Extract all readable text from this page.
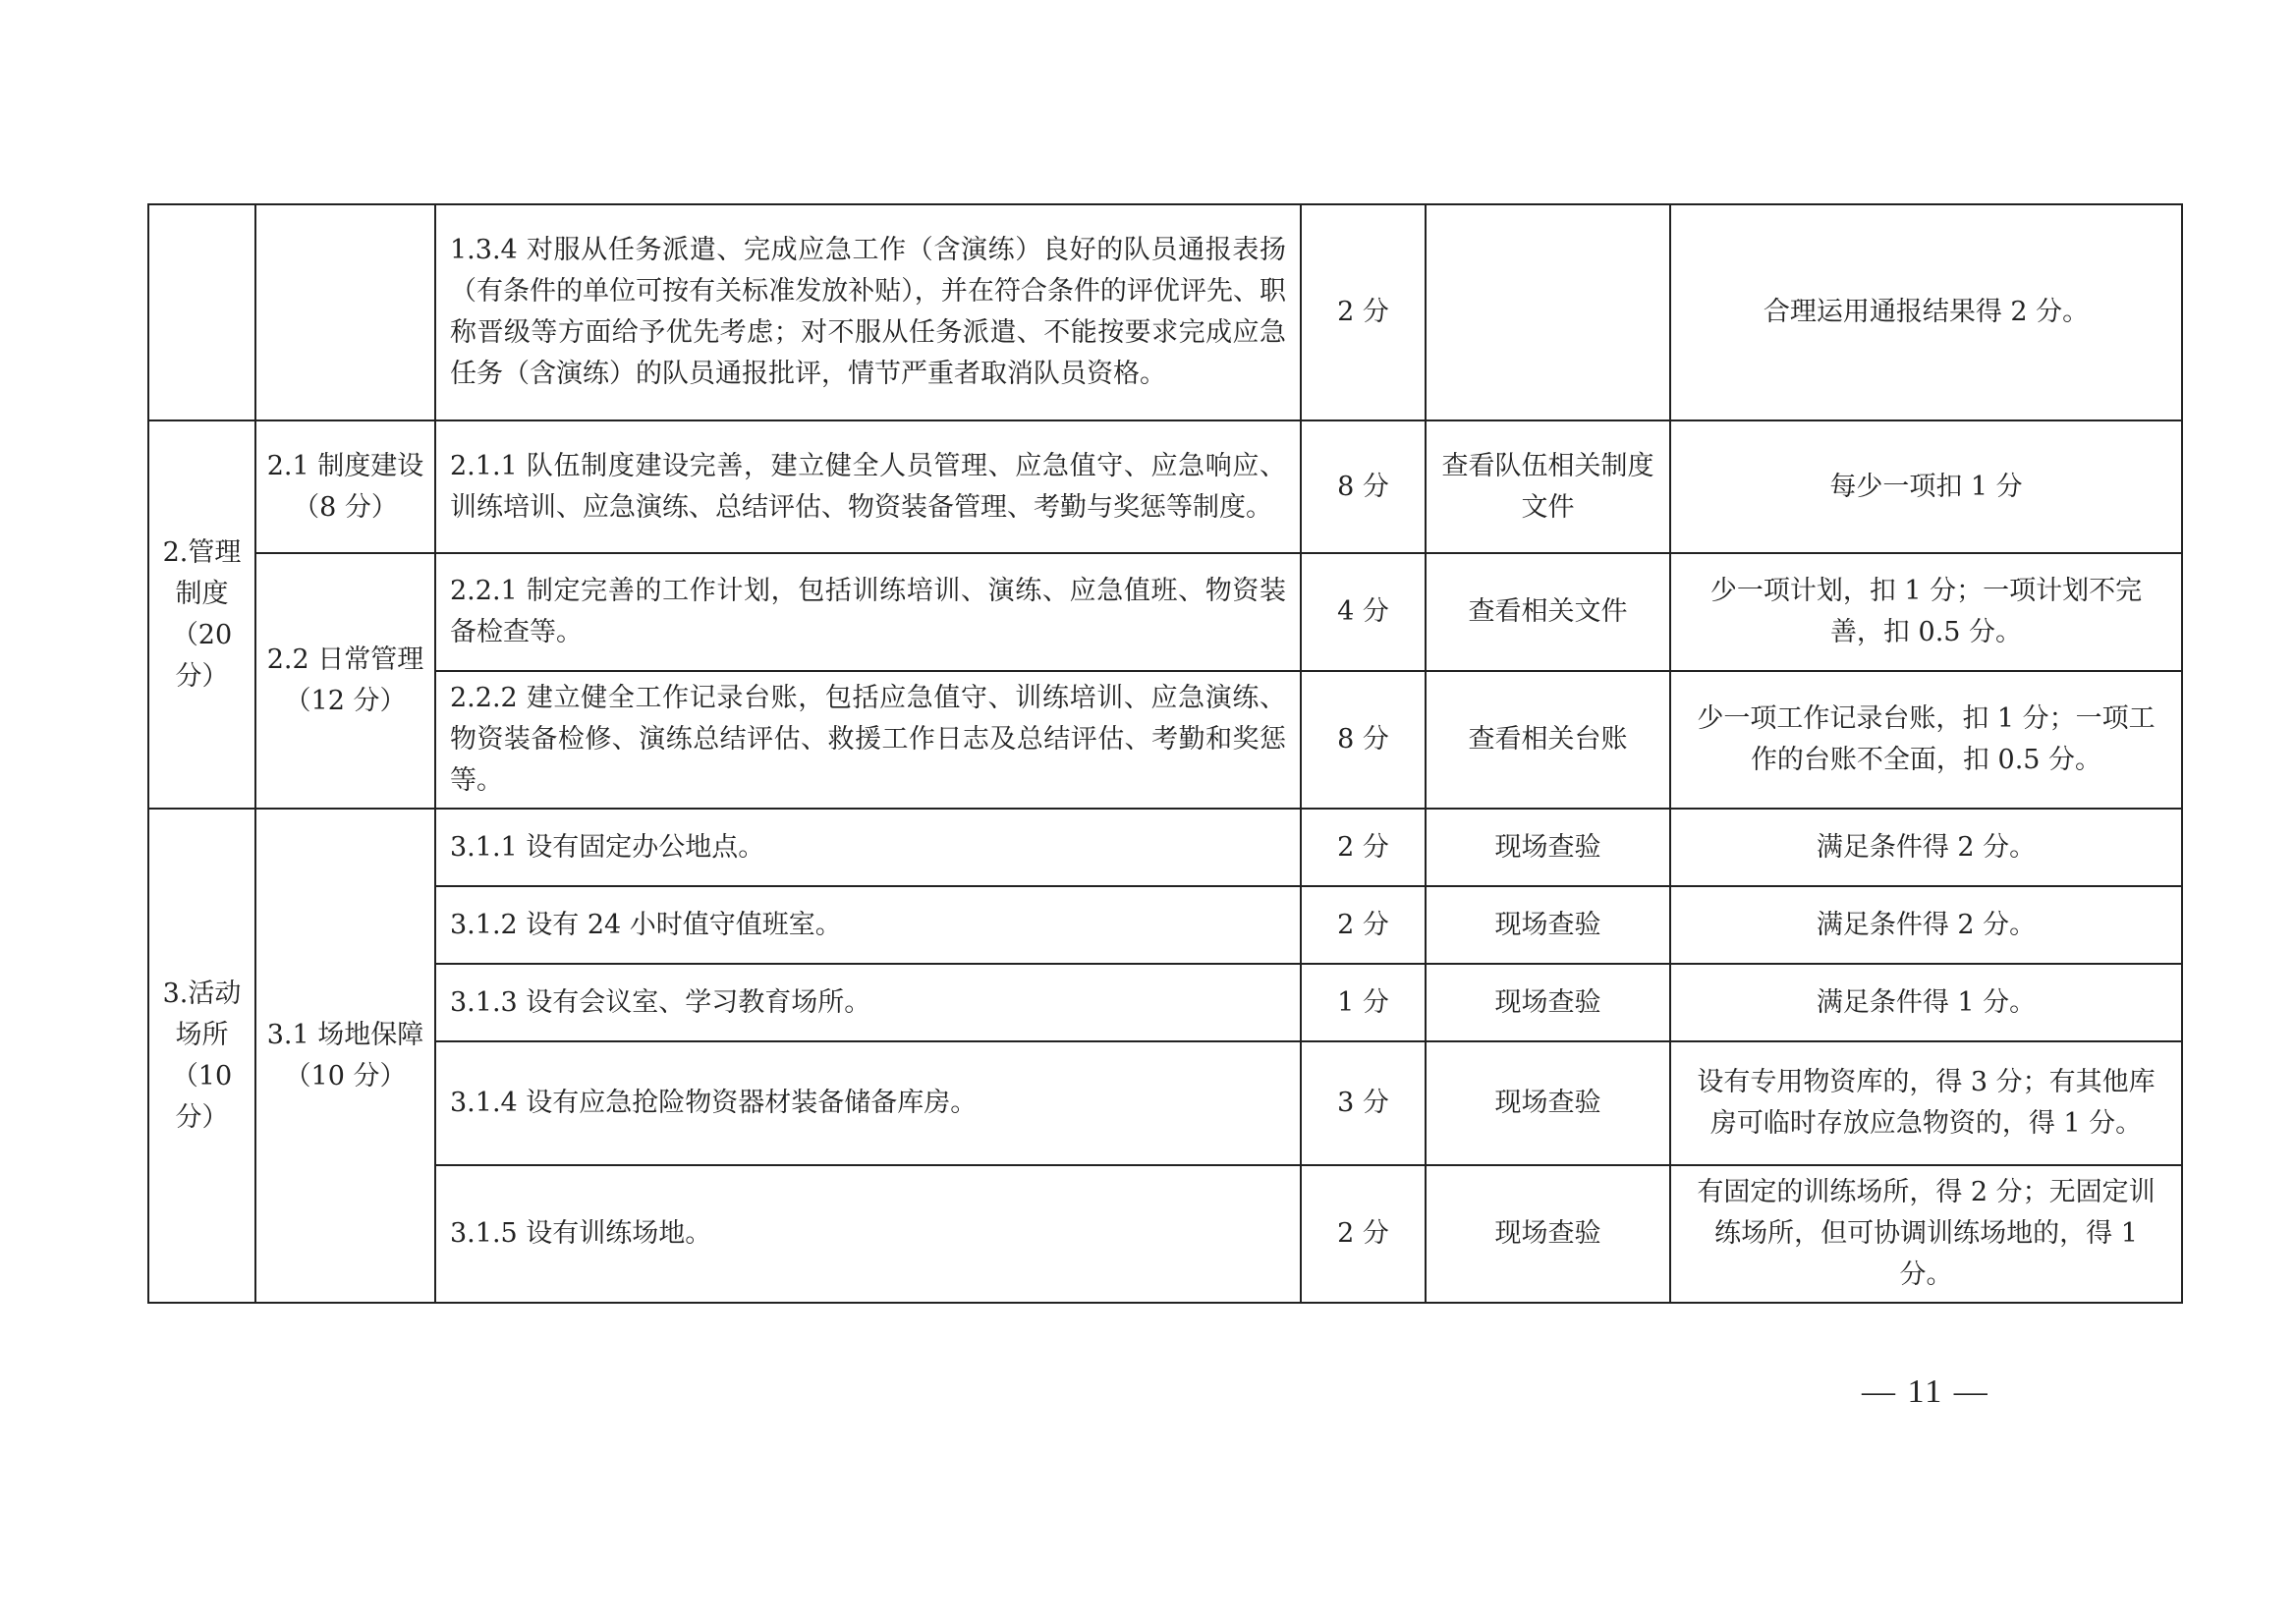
		1.3.4 对服从任务派遣、完成应急工作（含演练）良好的队员通报表扬（有条件的单位可按有关标准发放补贴），并在符合条件的评优评先、职称晋级等方面给予优先考虑；对不服从任务派遣、不能按要求完成应急任务（含演练）的队员通报批评，情节严重者取消队员资格。	2 分		合理运用通报结果得 2 分。
2.管理制度（20分）	2.1 制度建设（8 分）	2.1.1 队伍制度建设完善，建立健全人员管理、应急值守、应急响应、训练培训、应急演练、总结评估、物资装备管理、考勤与奖惩等制度。	8 分	查看队伍相关制度文件	每少一项扣 1 分
	2.2 日常管理（12 分）	2.2.1 制定完善的工作计划，包括训练培训、演练、应急值班、物资装备检查等。	4 分	查看相关文件	少一项计划，扣 1 分；一项计划不完善，扣 0.5 分。
		2.2.2 建立健全工作记录台账，包括应急值守、训练培训、应急演练、物资装备检修、演练总结评估、救援工作日志及总结评估、考勤和奖惩等。	8 分	查看相关台账	少一项工作记录台账，扣 1 分；一项工作的台账不全面，扣 0.5 分。
3.活动场所（10分）	3.1 场地保障（10 分）	3.1.1 设有固定办公地点。	2 分	现场查验	满足条件得 2 分。
		3.1.2 设有 24 小时值守值班室。	2 分	现场查验	满足条件得 2 分。
		3.1.3 设有会议室、学习教育场所。	1 分	现场查验	满足条件得 1 分。
		3.1.4 设有应急抢险物资器材装备储备库房。	3 分	现场查验	设有专用物资库的，得 3 分；有其他库房可临时存放应急物资的，得 1 分。
		3.1.5 设有训练场地。	2 分	现场查验	有固定的训练场所，得 2 分；无固定训练场所，但可协调训练场地的，得 1 分。
— 11 —
